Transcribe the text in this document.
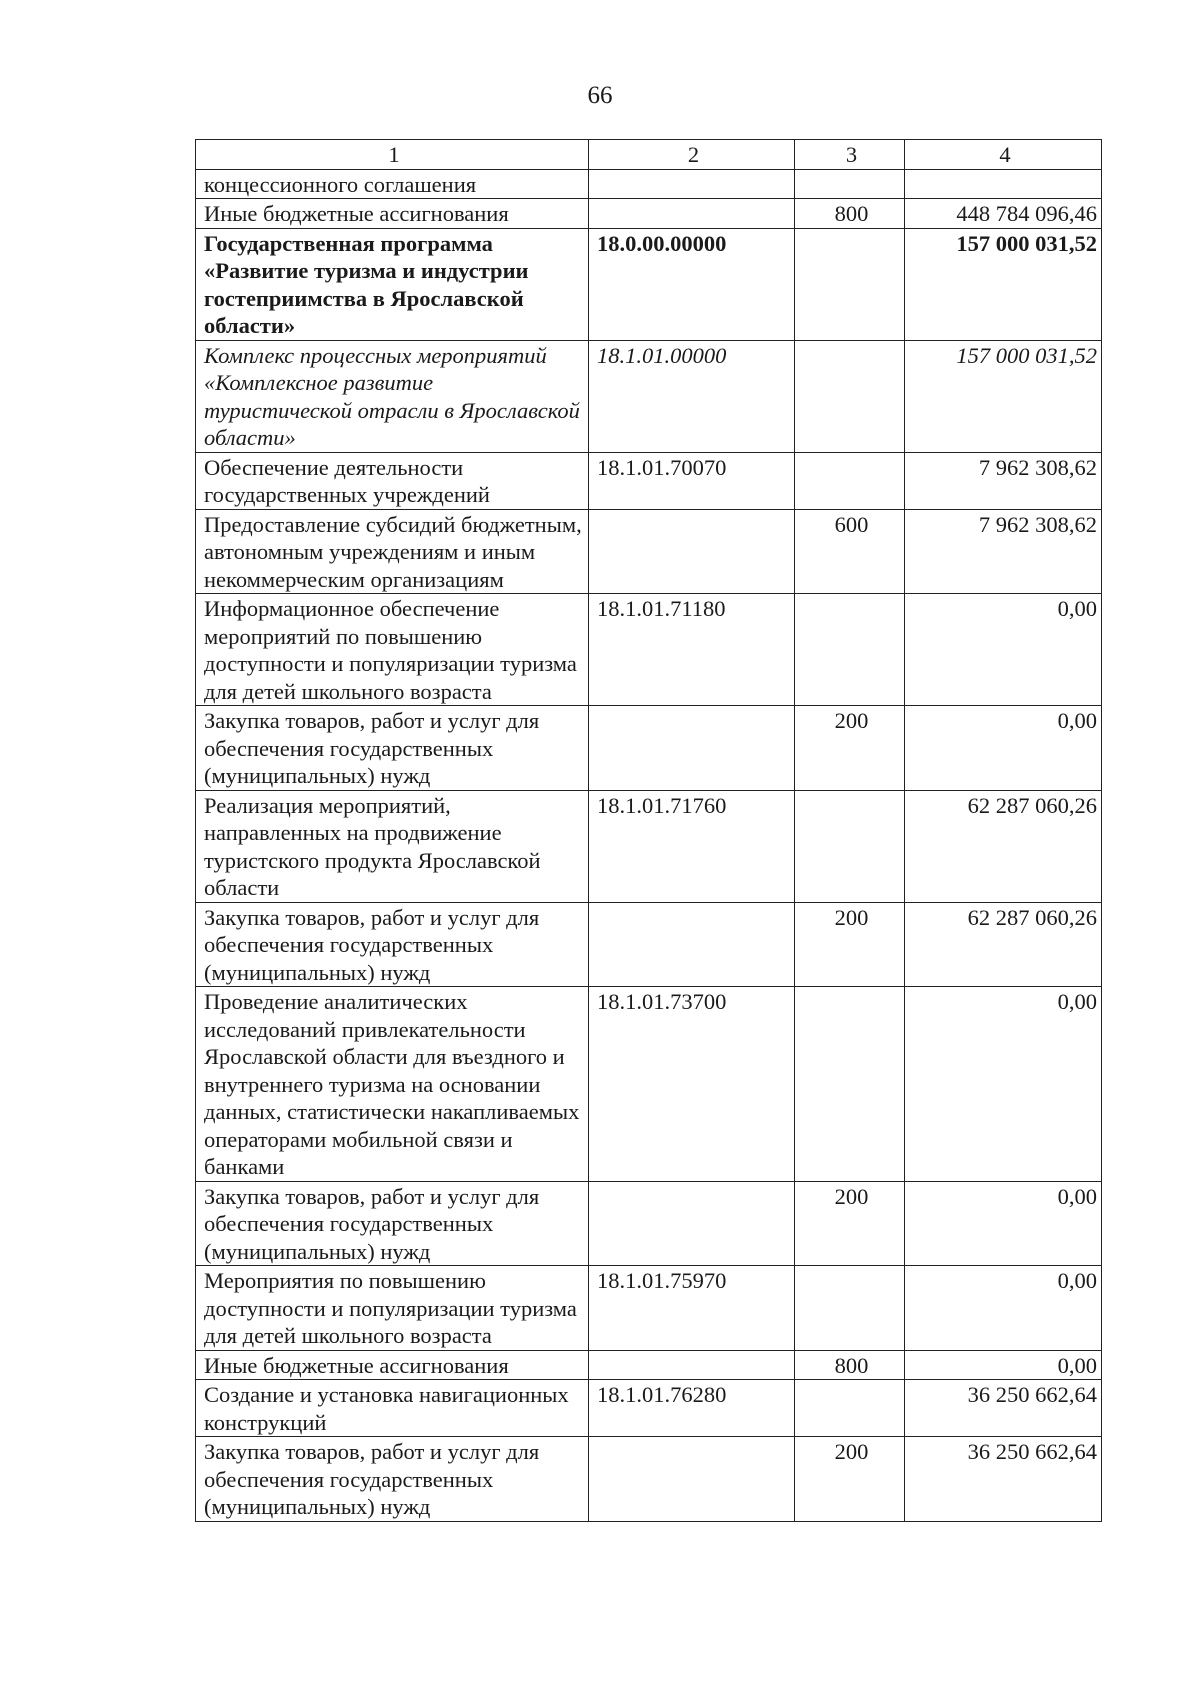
66
1	2	3	4
концессионного соглашения			
Иные бюджетные ассигнования		800	448 784 096,46
Государственная программа «Развитие туризма и индустрии гостеприимства в Ярославской области»	18.0.00.00000		157 000 031,52
Комплекс процессных мероприятий «Комплексное развитие туристической отрасли в Ярославской области»	18.1.01.00000		157 000 031,52
Обеспечение деятельности государственных учреждений	18.1.01.70070		7 962 308,62
Предоставление субсидий бюджетным, автономным учреждениям и иным некоммерческим организациям		600	7 962 308,62
Информационное обеспечение мероприятий по повышению доступности и популяризации туризма для детей школьного возраста	18.1.01.71180		0,00
Закупка товаров, работ и услуг для обеспечения государственных (муниципальных) нужд		200	0,00
Реализация мероприятий, направленных на продвижение туристского продукта Ярославской области	18.1.01.71760		62 287 060,26
Закупка товаров, работ и услуг для обеспечения государственных (муниципальных) нужд		200	62 287 060,26
Проведение аналитических исследований привлекательности Ярославской области для въездного и внутреннего туризма на основании данных, статистически накапливаемых операторами мобильной связи и банками	18.1.01.73700		0,00
Закупка товаров, работ и услуг для обеспечения государственных (муниципальных) нужд		200	0,00
Мероприятия по повышению доступности и популяризации туризма для детей школьного возраста	18.1.01.75970		0,00
Иные бюджетные ассигнования		800	0,00
Создание и установка навигационных конструкций	18.1.01.76280		36 250 662,64
Закупка товаров, работ и услуг для обеспечения государственных (муниципальных) нужд		200	36 250 662,64
